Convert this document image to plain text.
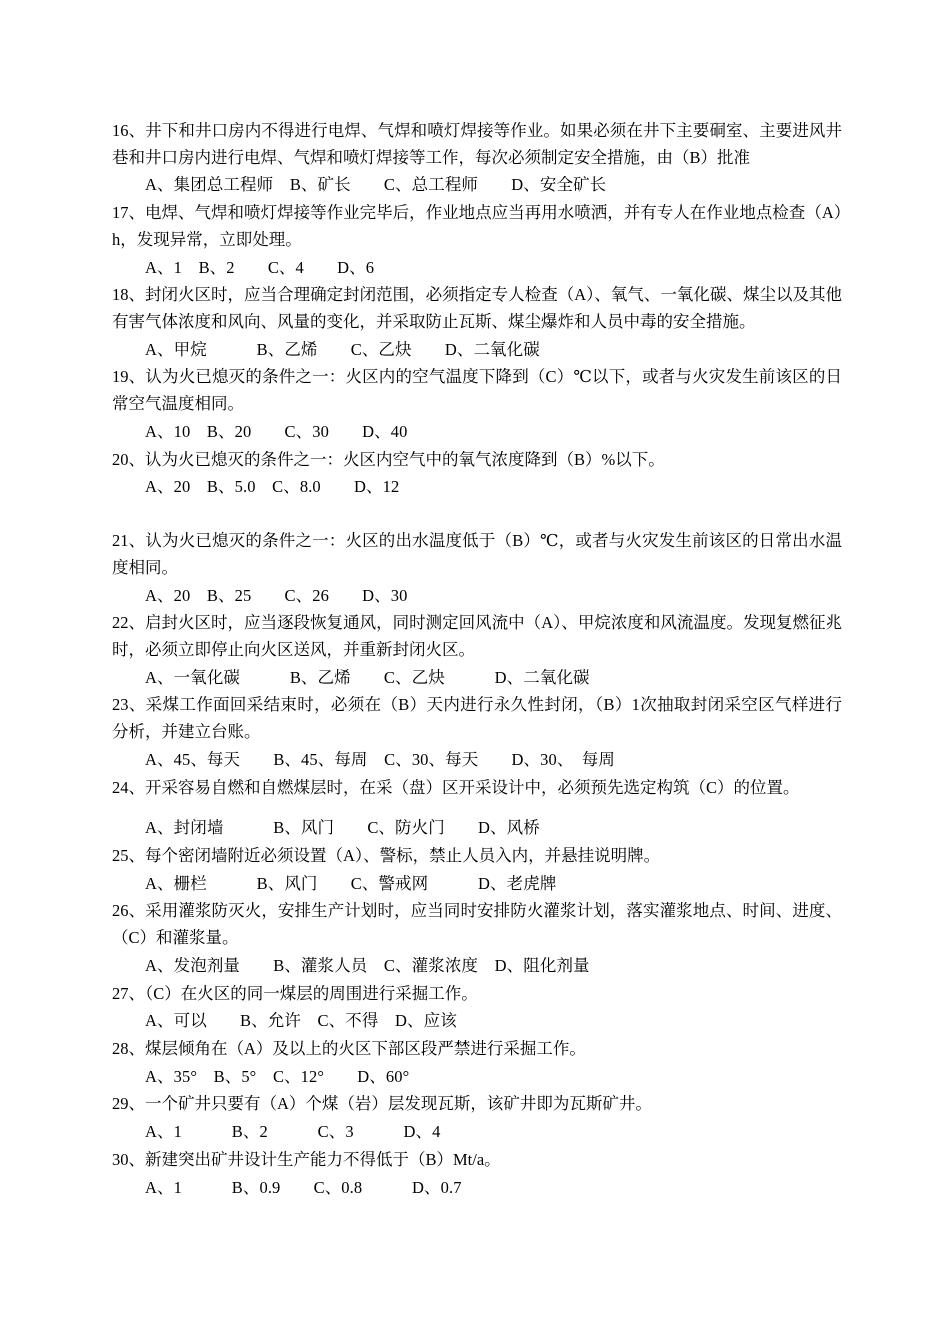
16、井下和井口房内不得进行电焊、气焊和喷灯焊接等作业。如果必须在井下主要硐室、主要进风井巷和井口房内进行电焊、气焊和喷灯焊接等工作，每次必须制定安全措施，由（B）批准

A、集团总工程师　B、矿长　　C、总工程师　　D、安全矿长

17、电焊、气焊和喷灯焊接等作业完毕后，作业地点应当再用水喷洒，并有专人在作业地点检查（A）h，发现异常，立即处理。

A、1　B、2　　C、4　　D、6

18、封闭火区时，应当合理确定封闭范围，必须指定专人检查（A）、氧气、一氧化碳、煤尘以及其他有害气体浓度和风向、风量的变化，并采取防止瓦斯、煤尘爆炸和人员中毒的安全措施。

A、甲烷　　　B、乙烯　　C、乙炔　　D、二氧化碳

19、认为火已熄灭的条件之一：火区内的空气温度下降到（C）℃以下，或者与火灾发生前该区的日常空气温度相同。

A、10　B、20　　C、30　　D、40

20、认为火已熄灭的条件之一：火区内空气中的氧气浓度降到（B）%以下。

A、20　B、5.0　C、8.0　　D、12

21、认为火已熄灭的条件之一：火区的出水温度低于（B）℃，或者与火灾发生前该区的日常出水温度相同。

A、20　B、25　　C、26　　D、30

22、启封火区时，应当逐段恢复通风，同时测定回风流中（A）、甲烷浓度和风流温度。发现复燃征兆时，必须立即停止向火区送风，并重新封闭火区。

A、一氧化碳　　　B、乙烯　　C、乙炔　　　D、二氧化碳

23、采煤工作面回采结束时，必须在（B）天内进行永久性封闭，（B）1次抽取封闭采空区气样进行分析，并建立台账。

A、45、每天　　B、45、每周　C、30、每天　　D、30、　每周

24、开采容易自燃和自燃煤层时，在采（盘）区开采设计中，必须预先选定构筑（C）的位置。

A、封闭墙　　　B、风门　　C、防火门　　D、风桥

25、每个密闭墙附近必须设置（A）、警标，禁止人员入内，并悬挂说明牌。

A、栅栏　　　B、风门　　C、警戒网　　　D、老虎牌

26、采用灌浆防灭火，安排生产计划时，应当同时安排防火灌浆计划，落实灌浆地点、时间、进度、（C）和灌浆量。

A、发泡剂量　　B、灌浆人员　C、灌浆浓度　D、阻化剂量

27、（C）在火区的同一煤层的周围进行采掘工作。

A、可以　　B、允许　C、不得　D、应该

28、煤层倾角在（A）及以上的火区下部区段严禁进行采掘工作。

A、35°　B、5°　C、12°　　D、60°

29、一个矿井只要有（A）个煤（岩）层发现瓦斯，该矿井即为瓦斯矿井。

A、1　　　B、2　　　C、3　　　D、4

30、新建突出矿井设计生产能力不得低于（B）Mt/a。

A、1　　　B、0.9　　C、0.8　　　D、0.7
